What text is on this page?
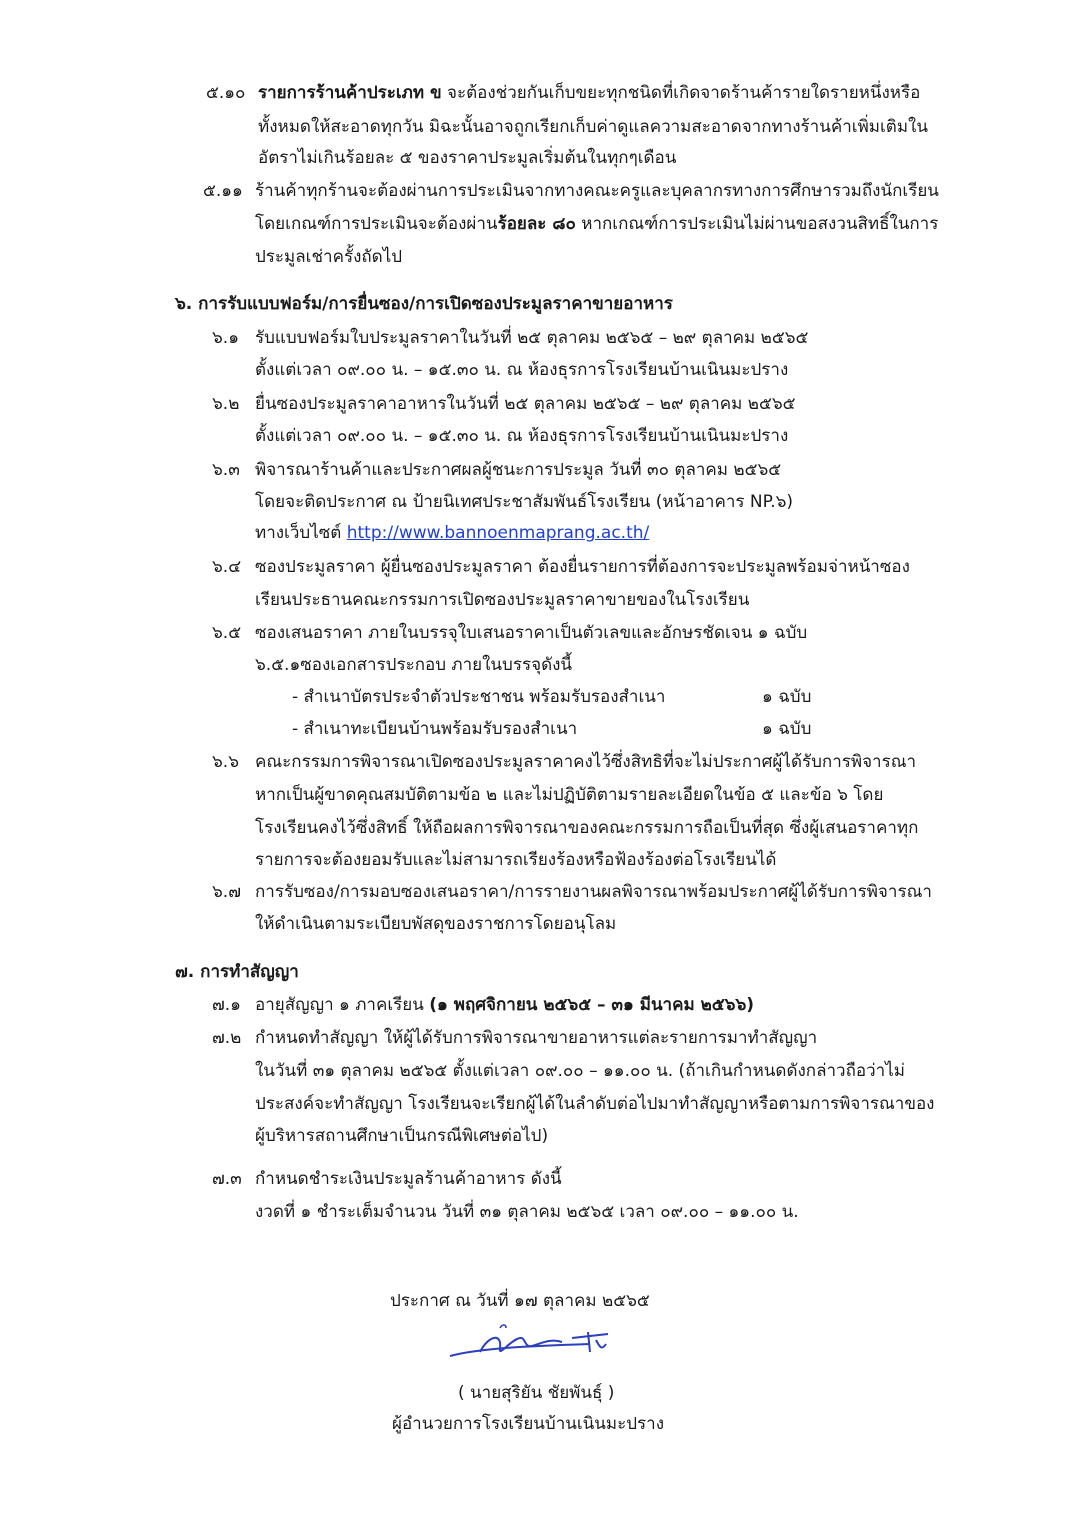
๕.๑๐ รายการร้านค้าประเภท ข จะต้องช่วยกันเก็บขยะทุกชนิดที่เกิดจาดร้านค้ารายใดรายหนึ่งหรือ
ทั้งหมดให้สะอาดทุกวัน มิฉะนั้นอาจถูกเรียกเก็บค่าดูแลความสะอาดจากทางร้านค้าเพิ่มเติมใน
อัตราไม่เกินร้อยละ ๕ ของราคาประมูลเริ่มต้นในทุกๆเดือน
๕.๑๑ ร้านค้าทุกร้านจะต้องผ่านการประเมินจากทางคณะครูและบุคลากรทางการศึกษารวมถึงนักเรียน
โดยเกณฑ์การประเมินจะต้องผ่านร้อยละ ๘๐ หากเกณฑ์การประเมินไม่ผ่านขอสงวนสิทธิ์ในการ
ประมูลเช่าครั้งถัดไป
๖. การรับแบบฟอร์ม/การยื่นซอง/การเปิดซองประมูลราคาขายอาหาร
๖.๑ รับแบบฟอร์มใบประมูลราคาในวันที่ ๒๕ ตุลาคม ๒๕๖๕ – ๒๙ ตุลาคม ๒๕๖๕
ตั้งแต่เวลา ๐๙.๐๐ น. – ๑๕.๓๐ น. ณ ห้องธุรการโรงเรียนบ้านเนินมะปราง
๖.๒ ยื่นซองประมูลราคาอาหารในวันที่ ๒๕ ตุลาคม ๒๕๖๕ – ๒๙ ตุลาคม ๒๕๖๕
ตั้งแต่เวลา ๐๙.๐๐ น. – ๑๕.๓๐ น. ณ ห้องธุรการโรงเรียนบ้านเนินมะปราง
๖.๓ พิจารณาร้านค้าและประกาศผลผู้ชนะการประมูล วันที่ ๓๐ ตุลาคม ๒๕๖๕
โดยจะติดประกาศ ณ ป้ายนิเทศประชาสัมพันธ์โรงเรียน (หน้าอาคาร NP.๖)
ทางเว็บไซต์ http://www.bannoenmaprang.ac.th/
๖.๔ ซองประมูลราคา ผู้ยื่นซองประมูลราคา ต้องยื่นรายการที่ต้องการจะประมูลพร้อมจ่าหน้าซอง
เรียนประธานคณะกรรมการเปิดซองประมูลราคาขายของในโรงเรียน
๖.๕ ซองเสนอราคา ภายในบรรจุใบเสนอราคาเป็นตัวเลขและอักษรชัดเจน ๑ ฉบับ
๖.๕.๑ซองเอกสารประกอบ ภายในบรรจุดังนี้
- สำเนาบัตรประจำตัวประชาชน พร้อมรับรองสำเนา	๑ ฉบับ
- สำเนาทะเบียนบ้านพร้อมรับรองสำเนา	๑ ฉบับ
๖.๖ คณะกรรมการพิจารณาเปิดซองประมูลราคาคงไว้ซึ่งสิทธิที่จะไม่ประกาศผู้ได้รับการพิจารณา
หากเป็นผู้ขาดคุณสมบัติตามข้อ ๒ และไม่ปฏิบัติตามรายละเอียดในข้อ ๕ และข้อ ๖ โดย
โรงเรียนคงไว้ซึ่งสิทธิ์ ให้ถือผลการพิจารณาของคณะกรรมการถือเป็นที่สุด ซึ่งผู้เสนอราคาทุก
รายการจะต้องยอมรับและไม่สามารถเรียงร้องหรือฟ้องร้องต่อโรงเรียนได้
๖.๗ การรับซอง/การมอบซองเสนอราคา/การรายงานผลพิจารณาพร้อมประกาศผู้ได้รับการพิจารณา
ให้ดำเนินตามระเบียบพัสดุของราชการโดยอนุโลม
๗. การทำสัญญา
๗.๑ อายุสัญญา ๑ ภาคเรียน (๑ พฤศจิกายน ๒๕๖๕ – ๓๑ มีนาคม ๒๕๖๖)
๗.๒ กำหนดทำสัญญา ให้ผู้ได้รับการพิจารณาขายอาหารแต่ละรายการมาทำสัญญา
ในวันที่ ๓๑ ตุลาคม ๒๕๖๕ ตั้งแต่เวลา ๐๙.๐๐ – ๑๑.๐๐ น. (ถ้าเกินกำหนดดังกล่าวถือว่าไม่
ประสงค์จะทำสัญญา โรงเรียนจะเรียกผู้ได้ในลำดับต่อไปมาทำสัญญาหรือตามการพิจารณาของ
ผู้บริหารสถานศึกษาเป็นกรณีพิเศษต่อไป)
๗.๓ กำหนดชำระเงินประมูลร้านค้าอาหาร ดังนี้
งวดที่ ๑ ชำระเต็มจำนวน วันที่ ๓๑ ตุลาคม ๒๕๖๕ เวลา ๐๙.๐๐ – ๑๑.๐๐ น.
ประกาศ ณ วันที่ ๑๗ ตุลาคม ๒๕๖๕
( นายสุริยัน ชัยพันธุ์ )
ผู้อำนวยการโรงเรียนบ้านเนินมะปราง
